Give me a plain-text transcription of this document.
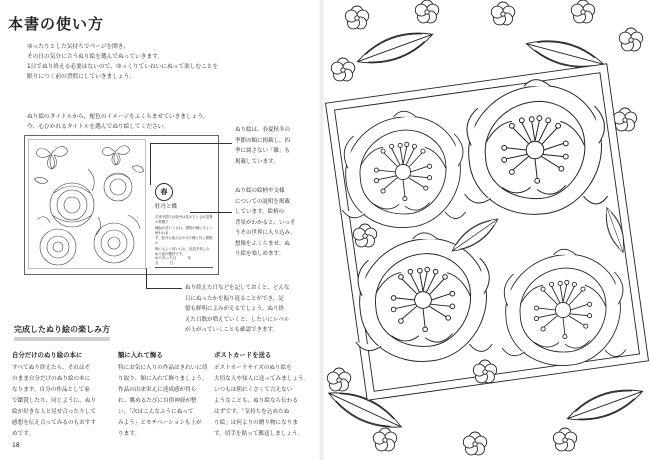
本書の使い方

ゆったりとした気持ちでページを開き、

その日の気分に合うぬり絵を選んでぬっていきます。

1日でぬり終える必要はないので、ゆっくりていねいにぬって楽しむことを

眠りにつく前の習慣にしていきましょう。

ぬり絵のタイトルから、配色のイメージをふくらませていきましょう。

今、心ひかれるタイトルを選んでぬり絵してください。

春
牡丹と蝶

古来中国では牡丹は花の王とされ富貴の象徴で

縁起が良いとされ、着物の柄にもよく使われま

す。牡丹と組み合わせた蝶と共に着物の

柄にもよく用いられ、色彩を楽しむ

ぬり絵の題材です。

ぬりあった日	年 月	日

ぬり絵は、春夏秋冬の

季節の順に掲載し、四

季に属さない「雑」も

掲載しています。

ぬり絵の絵柄や文様

についての説明を掲載

しています。絵柄の

背景がわかると、いっそ

うその世界に入り込み、

想像をふくらませ、ぬ

り絵を楽しめます。

ぬり終えた日などを記しておくと、どんな

日にぬったかを振り返ることができ、記

憶も鮮明によみがえるでしょう。ぬり終

えた日数が増えていくと、したいにレベル

が上がっていくことも確認できます。

完成したぬり絵の楽しみ方
自分だけのぬり絵の本に

すべてぬり終えたら、それはそ

のまま自分だけのぬり絵の本に

なります。自分の作品として家

で鑑賞したり、同じように、ぬり

絵が好きな人と見せ合ったりして

感想を伝え合ってみるのもおすす

めです。

額に入れて飾る

特にお気に入りの作品はきれいに切

り取り、額に入れて飾りましょう。

作品の出来栄えに達成感が得ら

れ、眺めるたびに自律神経が整

い、「次はこんなふうにぬって

みよう」とモチベーションも上が

ります。

ポストカードを送る

ポストカードサイズのぬり絵を

大切な人や知人に送ってみましょう。

いつもは照れくさくて言えない

ようなことも、ぬり絵なら伝わる

はずです。「気持ちを込めたぬ

り絵」は何よりの贈り物になりま

す。切手を貼って郵送しましょう。

18
